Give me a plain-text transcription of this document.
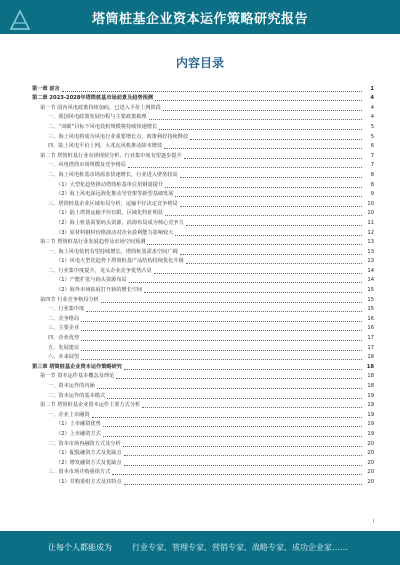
塔筒桩基企业资本运作策略研究报告
内容目录
第一章 前言	1
第二章 2023-2028年塔筒桩基市场前景及趋势预测	4
第一节 国内风电政策持续加码，已进入平价上网阶段	4
一、我国风电政策发展历程与主要政策梳理	4
二、“双碳”目标下风电装机规模将持续快速增长	5
三、海上风电将成为风电行业重要增长点，政策利好持续释放	5
四、陆上风电平价上网，大兆瓦风机推动降本增效	6
第二节 塔筒桩基行业市场现状分析，行业集中度有望逐步提升	7
一、风电塔筒市场规模及竞争格局	7
二、海上风电桩基市场需求快速增长，行业进入壁垒较高	8
（1）大型化趋势推动塔筒桩基单位用钢量提升	8
（2）海上风电深远海化推动导管架等新型基础发展	9
三、塔筒桩基企业区域布局分析，运输半径决定竞争格局	10
（1）陆上塔筒运输半径有限，区域化特征明显	10
（2）海上桩基需要码头资源，沿海布局成为核心竞争力	11
（3）原材料钢材价格波动对企业盈利能力影响较大	12
第三节 塔筒桩基行业发展趋势及市场空间预测	13
一、海上风电装机有望持续增长，塔筒桩基需求空间广阔	13
（1）风电大型化趋势下塔筒桩基产品结构持续优化升级	13
二、行业集中度提升，龙头企业竞争优势凸显	14
（1）产能扩张与码头资源布局	14
（2）海外市场拓展打开新的增长空间	15
第四节 行业竞争格局分析	15
一、行业集中度	15
二、竞争格局	16
三、主要企业	16
四、企业优势	17
五、发展建议	17
六、未来展望	18
第三章 塔筒桩基企业资本运作策略研究	18
第一节 资本运作基本概念及理论	18
一、资本运作的内涵	18
二、资本运作的基本模式	19
第二节 塔筒桩基企业资本运作主要方式分析	19
一、企业上市融资	19
（1）上市融资优势	19
（2）上市融资方式	19
二、资本市场再融资方式及分析	20
（1）配股融资方式及优缺点	20
（2）增发融资方式及优缺点	20
三、资本市场并购重组方式	20
（1）并购重组方式及其特点	20
I
让每个人都能成为	行业专家、管理专家、营销专家、战略专家、成功企业家……
